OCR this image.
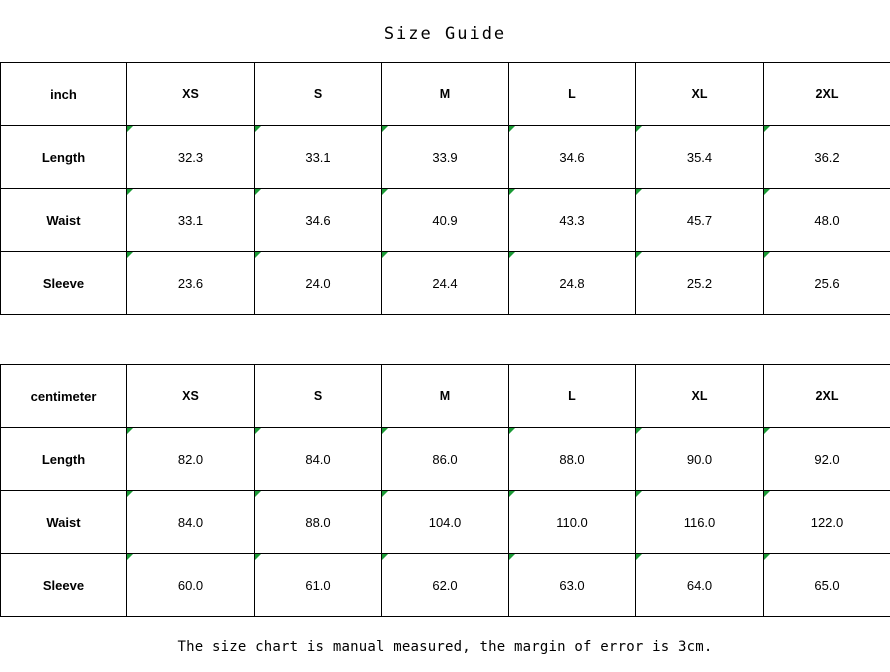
Size Guide
inch	XS	S	M	L	XL	2XL
Length	32.3	33.1	33.9	34.6	35.4	36.2
Waist	33.1	34.6	40.9	43.3	45.7	48.0
Sleeve	23.6	24.0	24.4	24.8	25.2	25.6
centimeter	XS	S	M	L	XL	2XL
Length	82.0	84.0	86.0	88.0	90.0	92.0
Waist	84.0	88.0	104.0	110.0	116.0	122.0
Sleeve	60.0	61.0	62.0	63.0	64.0	65.0
The size chart is manual measured, the margin of error is 3cm.
